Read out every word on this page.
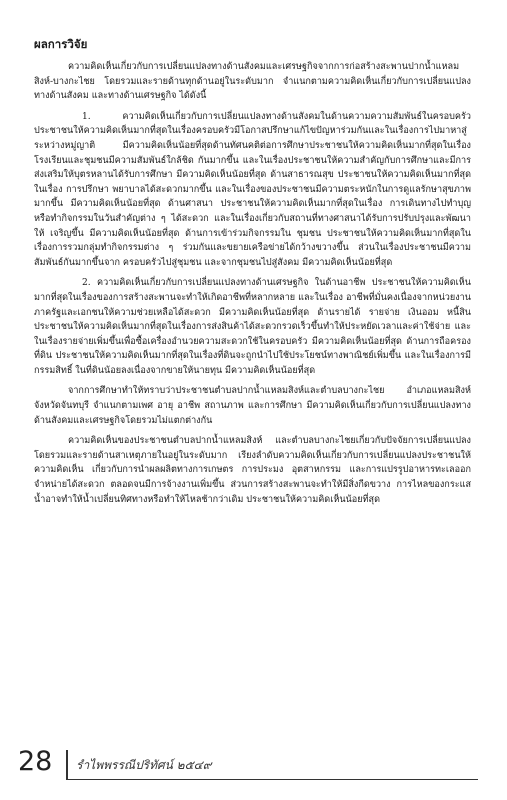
ผลการวิจัย

ความคิดเห็นเกี่ยวกับการเปลี่ยนแปลงทางด้านสังคมและเศรษฐกิจจากการก่อสร้างสะพานปากน้ำแหลมสิงห์-บางกะไชย โดยรวมและรายด้านทุกด้านอยู่ในระดับมาก จำแนกตามความคิดเห็นเกี่ยวกับการเปลี่ยนแปลงทางด้านสังคม และทางด้านเศรษฐกิจ ได้ดังนี้

1. ความคิดเห็นเกี่ยวกับการเปลี่ยนแปลงทางด้านสังคมในด้านความความสัมพันธ์ในครอบครัวประชาชนให้ความคิดเห็นมากที่สุดในเรื่องครอบครัวมีโอกาสปรึกษาแก้ไขปัญหาร่วมกันและในเรื่องการไปมาหาสู่ระหว่างหมู่ญาติ มีความคิดเห็นน้อยที่สุดด้านทัศนคติต่อการศึกษาประชาชนให้ความคิดเห็นมากที่สุดในเรื่องโรงเรียนและชุมชนมีความสัมพันธ์ใกล้ชิด กันมากขึ้น และในเรื่องประชาชนให้ความสำคัญกับการศึกษาและมีการส่งเสริมให้บุตรหลานได้รับการศึกษา มีความคิดเห็นน้อยที่สุด ด้านสาธารณสุข ประชาชนให้ความคิดเห็นมากที่สุดในเรื่อง การปรึกษา พยาบาลได้สะดวกมากขึ้น และในเรื่องของประชาชนมีความตระหนักในการดูแลรักษาสุขภาพมากขึ้น มีความคิดเห็นน้อยที่สุด ด้านศาสนา ประชาชนให้ความคิดเห็นมากที่สุดในเรื่อง การเดินทางไปทำบุญ หรือทำกิจกรรมในวันสำคัญต่าง ๆ ได้สะดวก และในเรื่องเกี่ยวกับสถานที่ทางศาสนาได้รับการปรับปรุงและพัฒนาให้ เจริญขึ้น มีความคิดเห็นน้อยที่สุด ด้านการเข้าร่วมกิจกรรมใน ชุมชน ประชาชนให้ความคิดเห็นมากที่สุดในเรื่องการรวมกลุ่มทำกิจกรรมต่าง ๆ ร่วมกันและขยายเครือข่ายได้กว้างขวางขึ้น ส่วนในเรื่องประชาชนมีความสัมพันธ์กันมากขึ้นจาก ครอบครัวไปสู่ชุมชน และจากชุมชนไปสู่สังคม มีความคิดเห็นน้อยที่สุด

2. ความคิดเห็นเกี่ยวกับการเปลี่ยนแปลงทางด้านเศรษฐกิจ ในด้านอาชีพ ประชาชนให้ความคิดเห็นมากที่สุดในเรื่องของการสร้างสะพานจะทำให้เกิดอาชีพที่หลากหลาย และในเรื่อง อาชีพที่มั่นคงเนื่องจากหน่วยงานภาครัฐและเอกชนให้ความช่วยเหลือได้สะดวก มีความคิดเห็นน้อยที่สุด ด้านรายได้ รายจ่าย เงินออม หนี้สิน ประชาชนให้ความคิดเห็นมากที่สุดในเรื่องการส่งสินค้าได้สะดวกรวดเร็วขึ้นทำให้ประหยัดเวลาและค่าใช้จ่าย และในเรื่องรายจ่ายเพิ่มขึ้นเพื่อซื้อเครื่องอำนวยความสะดวกใช้ในครอบครัว มีความคิดเห็นน้อยที่สุด ด้านการถือครองที่ดิน ประชาชนให้ความคิดเห็นมากที่สุดในเรื่องที่ดินจะถูกนำไปใช้ประโยชน์ทางพาณิชย์เพิ่มขึ้น และในเรื่องการมีกรรมสิทธิ์ ในที่ดินน้อยลงเนื่องจากขายให้นายทุน มีความคิดเห็นน้อยที่สุด

จากการศึกษาทำให้ทราบว่าประชาชนตำบลปากน้ำแหลมสิงห์และตำบลบางกะไชย อำเภอแหลมสิงห์ จังหวัดจันทบุรี จำแนกตามเพศ อายุ อาชีพ สถานภาพ และการศึกษา มีความคิดเห็นเกี่ยวกับการเปลี่ยนแปลงทางด้านสังคมและเศรษฐกิจโดยรวมไม่แตกต่างกัน

ความคิดเห็นของประชาชนตำบลปากน้ำแหลมสิงห์ และตำบลบางกะไชยเกี่ยวกับปัจจัยการเปลี่ยนแปลงโดยรวมและรายด้านสาเหตุภายในอยู่ในระดับมาก เรียงลำดับความคิดเห็นเกี่ยวกับการเปลี่ยนแปลงประชาชนให้ความคิดเห็น เกี่ยวกับการนำผลผลิตทางการเกษตร การประมง อุตสาหกรรม และการแปรรูปอาหารทะเลออกจำหน่ายได้สะดวก ตลอดจนมีการจ้างงานเพิ่มขึ้น ส่วนการสร้างสะพานจะทำให้มีสิ่งกีดขวาง การไหลของกระแสน้ำอาจทำให้น้ำเปลี่ยนทิศทางหรือทำให้ไหลช้ากว่าเดิม ประชาชนให้ความคิดเห็นน้อยที่สุด

28 รำไพพรรณีปริทัศน์ ๒๕๔๙
